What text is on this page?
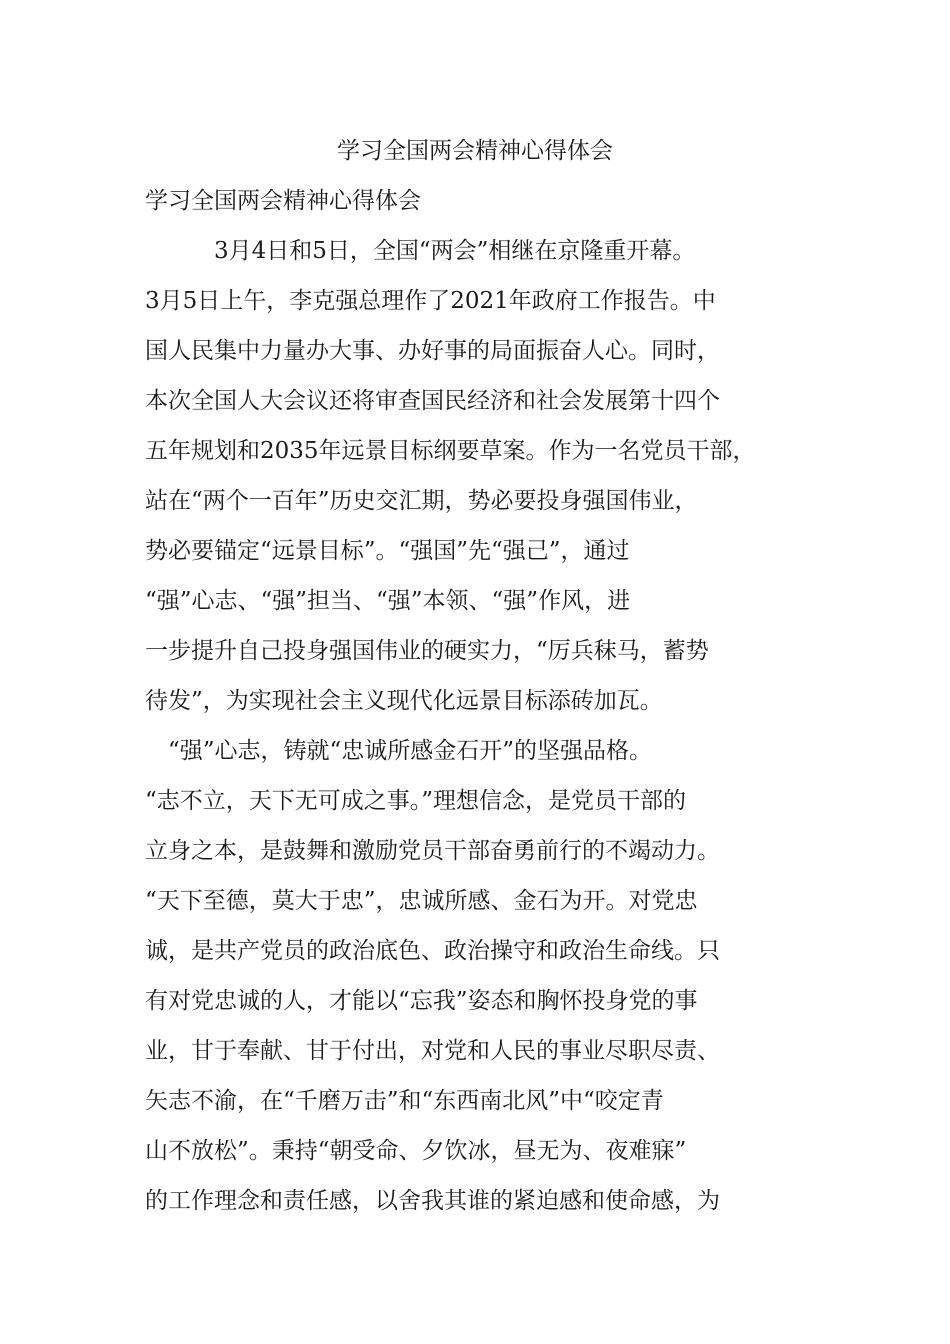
学习全国两会精神心得体会

学习全国两会精神心得体会

　　　3月4日和5日，全国“两会”相继在京隆重开幕。

3月5日上午，李克强总理作了2021年政府工作报告。中

国人民集中力量办大事、办好事的局面振奋人心。同时，

本次全国人大会议还将审查国民经济和社会发展第十四个

五年规划和2035年远景目标纲要草案。作为一名党员干部，

站在“两个一百年”历史交汇期，势必要投身强国伟业，

势必要锚定“远景目标”。“强国”先“强己”，通过

“强”心志、“强”担当、“强”本领、“强”作风，进

一步提升自己投身强国伟业的硬实力，“厉兵秣马，蓄势

待发”，为实现社会主义现代化远景目标添砖加瓦。

　“强”心志，铸就“忠诚所感金石开”的坚强品格。

“志不立，天下无可成之事。”理想信念，是党员干部的

立身之本，是鼓舞和激励党员干部奋勇前行的不竭动力。

“天下至德，莫大于忠”，忠诚所感、金石为开。对党忠

诚，是共产党员的政治底色、政治操守和政治生命线。只

有对党忠诚的人，才能以“忘我”姿态和胸怀投身党的事

业，甘于奉献、甘于付出，对党和人民的事业尽职尽责、

矢志不渝，在“千磨万击”和“东西南北风”中“咬定青

山不放松”。秉持“朝受命、夕饮冰，昼无为、夜难寐”

的工作理念和责任感，以舍我其谁的紧迫感和使命感，为
